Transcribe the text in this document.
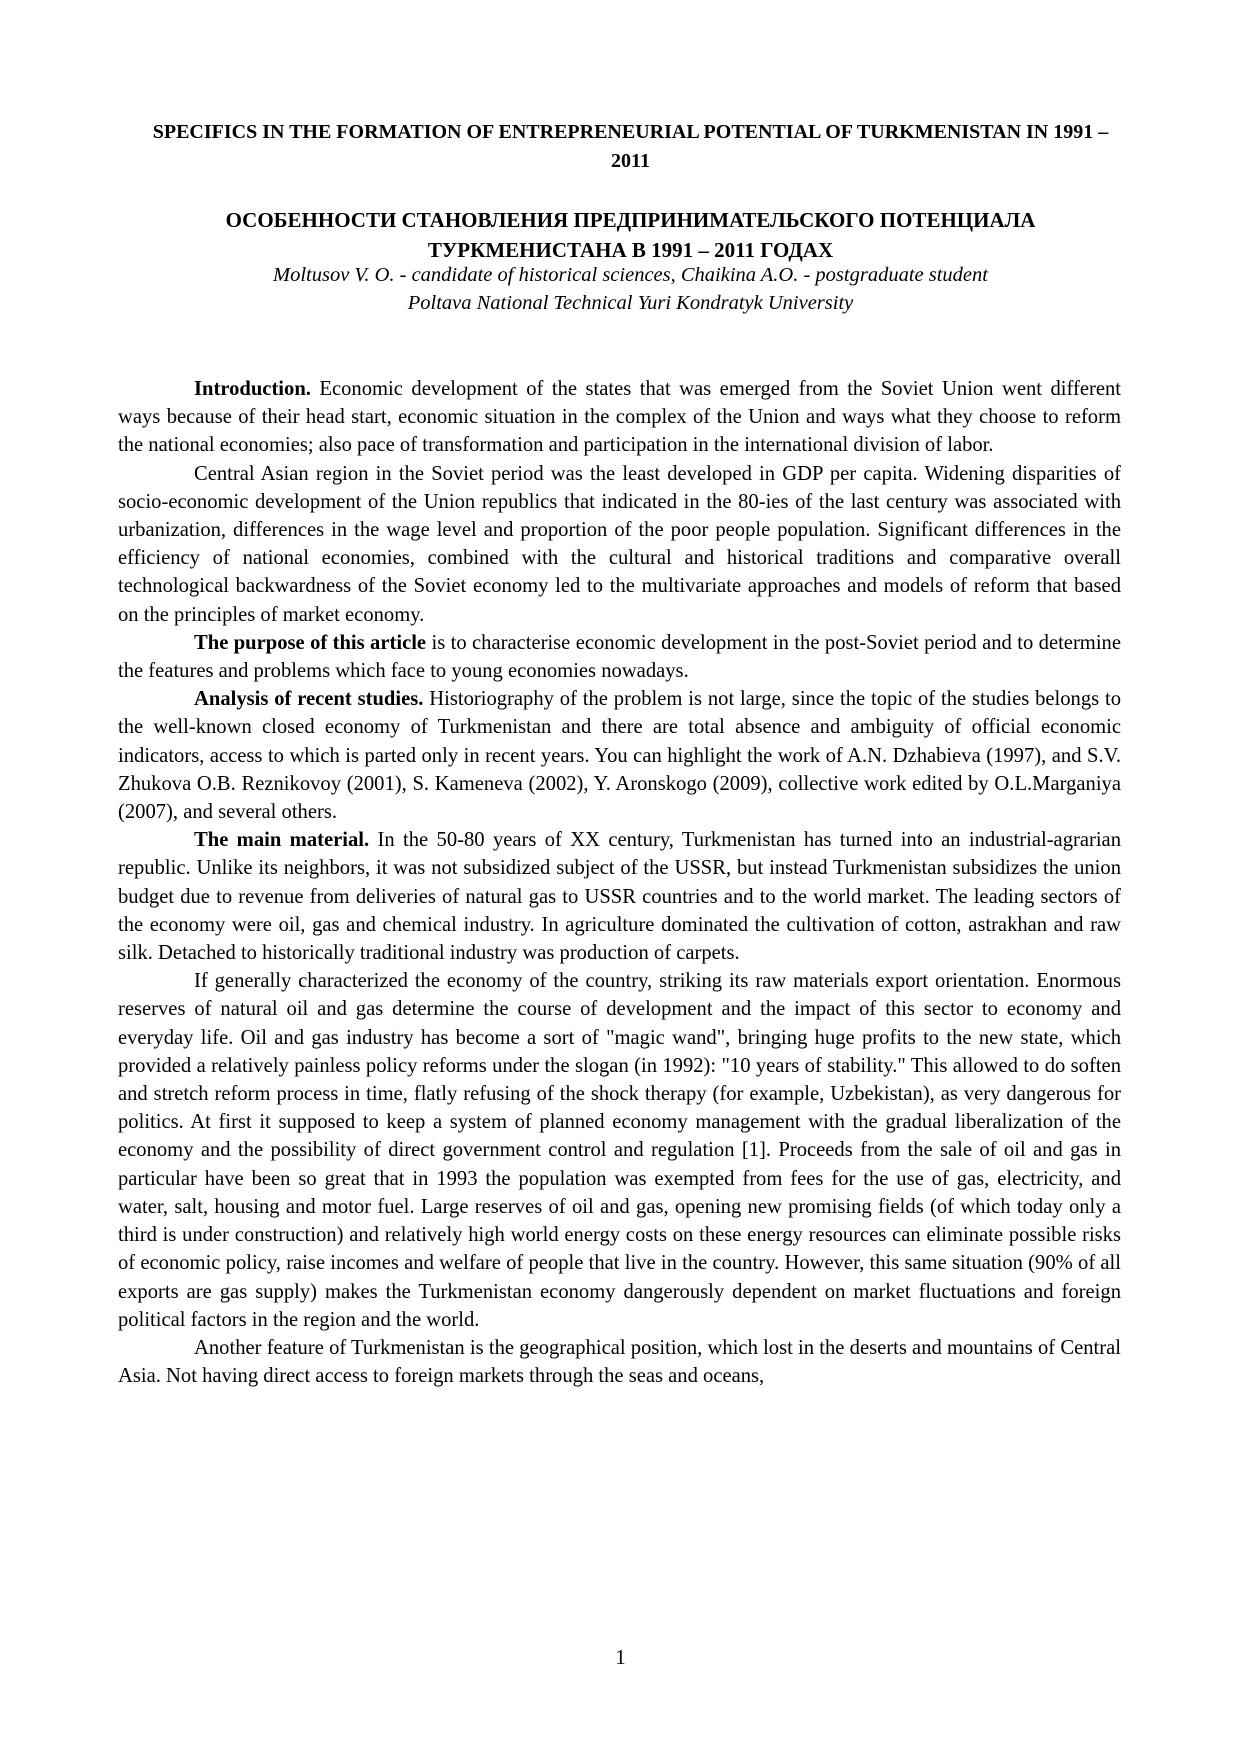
SPECIFICS IN THE FORMATION OF ENTREPRENEURIAL POTENTIAL OF TURKMENISTAN IN 1991 – 2011
ОСОБЕННОСТИ СТАНОВЛЕНИЯ ПРЕДПРИНИМАТЕЛЬСКОГО ПОТЕНЦИАЛА ТУРКМЕНИСТАНА В 1991 – 2011 ГОДАХ
Moltusov V. O. - candidate of historical sciences, Chaikina A.O. - postgraduate student
Poltava National Technical Yuri Kondratyk University

Introduction. Economic development of the states that was emerged from the Soviet Union went different ways because of their head start, economic situation in the complex of the Union and ways what they choose to reform the national economies; also pace of transformation and participation in the international division of labor.

Central Asian region in the Soviet period was the least developed in GDP per capita. Widening disparities of socio-economic development of the Union republics that indicated in the 80-ies of the last century was associated with urbanization, differences in the wage level and proportion of the poor people population. Significant differences in the efficiency of national economies, combined with the cultural and historical traditions and comparative overall technological backwardness of the Soviet economy led to the multivariate approaches and models of reform that based on the principles of market economy.

The purpose of this article is to characterise economic development in the post-Soviet period and to determine the features and problems which face to young economies nowadays.

Analysis of recent studies. Historiography of the problem is not large, since the topic of the studies belongs to the well-known closed economy of Turkmenistan and there are total absence and ambiguity of official economic indicators, access to which is parted only in recent years. You can highlight the work of A.N. Dzhabieva (1997), and S.V. Zhukova O.B. Reznikovoy (2001), S. Kameneva (2002), Y. Aronskogo (2009), collective work edited by O.L.Marganiya (2007), and several others.

The main material. In the 50-80 years of XX century, Turkmenistan has turned into an industrial-agrarian republic. Unlike its neighbors, it was not subsidized subject of the USSR, but instead Turkmenistan subsidizes the union budget due to revenue from deliveries of natural gas to USSR countries and to the world market. The leading sectors of the economy were oil, gas and chemical industry. In agriculture dominated the cultivation of cotton, astrakhan and raw silk. Detached to historically traditional industry was production of carpets.

If generally characterized the economy of the country, striking its raw materials export orientation. Enormous reserves of natural oil and gas determine the course of development and the impact of this sector to economy and everyday life. Oil and gas industry has become a sort of "magic wand", bringing huge profits to the new state, which provided a relatively painless policy reforms under the slogan (in 1992): "10 years of stability." This allowed to do soften and stretch reform process in time, flatly refusing of the shock therapy (for example, Uzbekistan), as very dangerous for politics. At first it supposed to keep a system of planned economy management with the gradual liberalization of the economy and the possibility of direct government control and regulation [1]. Proceeds from the sale of oil and gas in particular have been so great that in 1993 the population was exempted from fees for the use of gas, electricity, and water, salt, housing and motor fuel. Large reserves of oil and gas, opening new promising fields (of which today only a third is under construction) and relatively high world energy costs on these energy resources can eliminate possible risks of economic policy, raise incomes and welfare of people that live in the country. However, this same situation (90% of all exports are gas supply) makes the Turkmenistan economy dangerously dependent on market fluctuations and foreign political factors in the region and the world.

Another feature of Turkmenistan is the geographical position, which lost in the deserts and mountains of Central Asia. Not having direct access to foreign markets through the seas and oceans,

1
